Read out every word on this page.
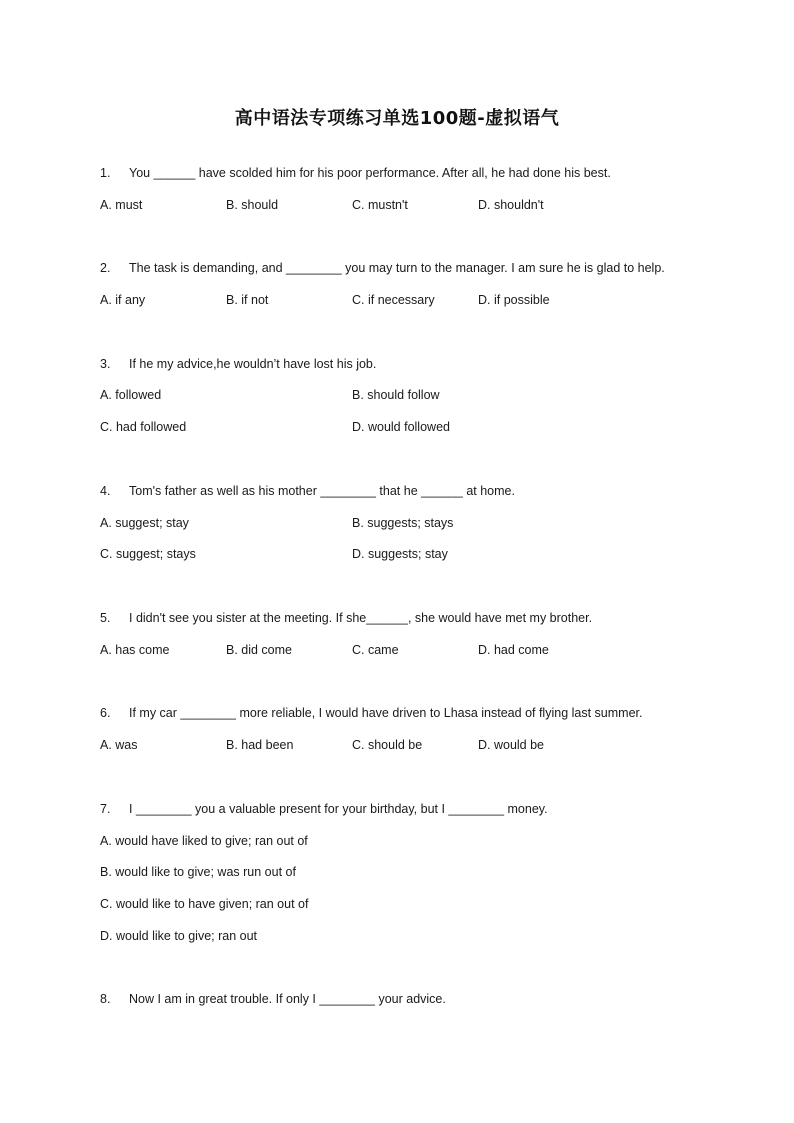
高中语法专项练习单选100题-虚拟语气
1. You ______ have scolded him for his poor performance. After all, he had done his best.
A. must	B. should	C. mustn't	D. shouldn't
2. The task is demanding, and ________ you may turn to the manager. I am sure he is glad to help.
A. if any	B. if not	C. if necessary	D. if possible
3. If he my advice,he wouldn’t have lost his job.
A. followed	B. should follow
C. had followed	D. would followed
4. Tom's father as well as his mother ________ that he ______ at home.
A. suggest; stay	B. suggests; stays
C. suggest; stays	D. suggests; stay
5. I didn't see you sister at the meeting. If she______, she would have met my brother.
A. has come	B. did come	C. came	D. had come
6. If my car ________ more reliable, I would have driven to Lhasa instead of flying last summer.
A. was	B. had been	C. should be	D. would be
7. I ________ you a valuable present for your birthday, but I ________ money.
A. would have liked to give; ran out of
B. would like to give; was run out of
C. would like to have given; ran out of
D. would like to give; ran out
8. Now I am in great trouble. If only I ________ your advice.
